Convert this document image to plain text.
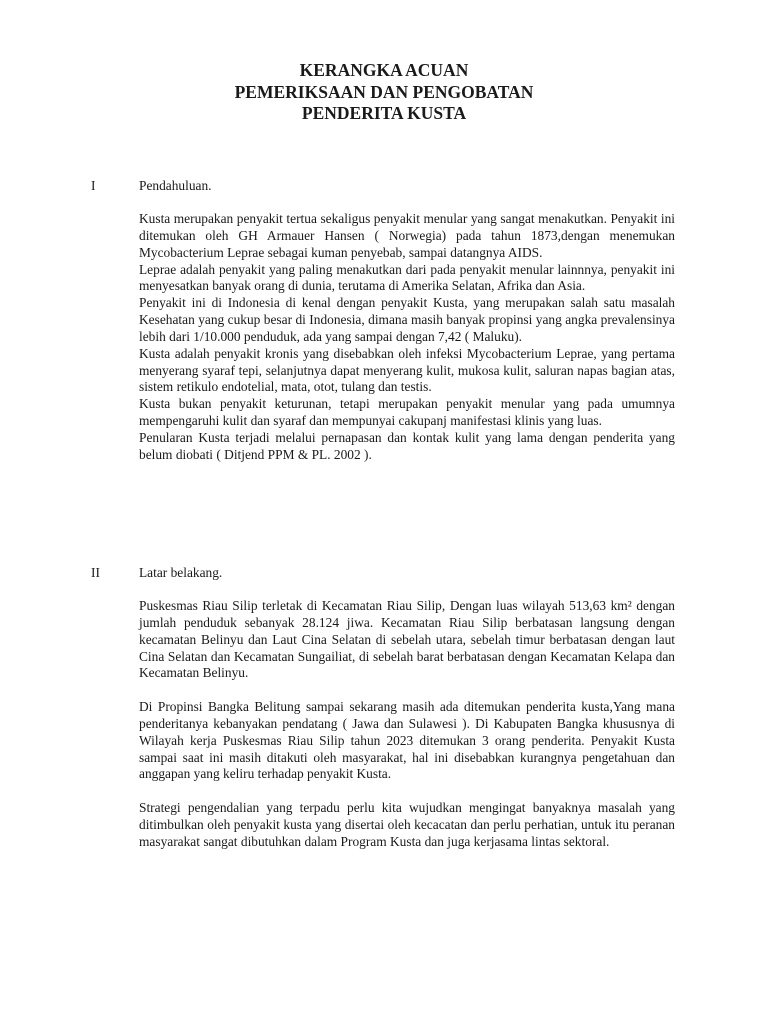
KERANGKA ACUAN
PEMERIKSAAN DAN PENGOBATAN
PENDERITA KUSTA
I	Pendahuluan.

Kusta merupakan penyakit tertua sekaligus penyakit menular yang sangat menakutkan. Penyakit ini ditemukan oleh GH Armauer Hansen ( Norwegia) pada tahun 1873,dengan menemukan Mycobacterium Leprae sebagai kuman penyebab, sampai datangnya AIDS.

Leprae adalah penyakit yang paling menakutkan dari pada penyakit menular lainnnya, penyakit ini menyesatkan banyak orang di dunia, terutama di Amerika Selatan, Afrika dan Asia.

Penyakit ini di Indonesia di kenal dengan penyakit Kusta, yang merupakan salah satu masalah Kesehatan yang cukup besar di Indonesia, dimana masih banyak propinsi yang angka prevalensinya lebih dari 1/10.000 penduduk, ada yang sampai dengan 7,42 ( Maluku).

Kusta adalah penyakit kronis yang disebabkan oleh infeksi Mycobacterium Leprae, yang pertama menyerang syaraf tepi, selanjutnya dapat menyerang kulit, mukosa kulit, saluran napas bagian atas, sistem retikulo endotelial, mata, otot, tulang dan testis.

Kusta bukan penyakit keturunan, tetapi merupakan penyakit menular yang pada umumnya mempengaruhi kulit dan syaraf dan mempunyai cakupanj manifestasi klinis yang luas.

Penularan Kusta terjadi melalui pernapasan dan kontak kulit yang lama dengan penderita yang belum diobati ( Ditjend PPM & PL. 2002 ).

II	Latar belakang.

Puskesmas Riau Silip terletak di Kecamatan Riau Silip, Dengan luas wilayah 513,63 km² dengan jumlah penduduk sebanyak 28.124 jiwa. Kecamatan Riau Silip berbatasan langsung dengan kecamatan Belinyu dan Laut Cina Selatan di sebelah utara, sebelah timur berbatasan dengan laut Cina Selatan dan Kecamatan Sungailiat, di sebelah barat berbatasan dengan Kecamatan Kelapa dan Kecamatan Belinyu.

Di Propinsi Bangka Belitung sampai sekarang masih ada ditemukan penderita kusta,Yang mana penderitanya kebanyakan pendatang ( Jawa dan Sulawesi ). Di Kabupaten Bangka khususnya di Wilayah kerja Puskesmas Riau Silip tahun 2023 ditemukan 3 orang penderita. Penyakit Kusta sampai saat ini masih ditakuti oleh masyarakat, hal ini disebabkan kurangnya pengetahuan dan anggapan yang keliru terhadap penyakit Kusta.

Strategi pengendalian yang terpadu perlu kita wujudkan mengingat banyaknya masalah yang ditimbulkan oleh penyakit kusta yang disertai oleh kecacatan dan perlu perhatian, untuk itu peranan masyarakat sangat dibutuhkan dalam Program Kusta dan juga kerjasama lintas sektoral.
